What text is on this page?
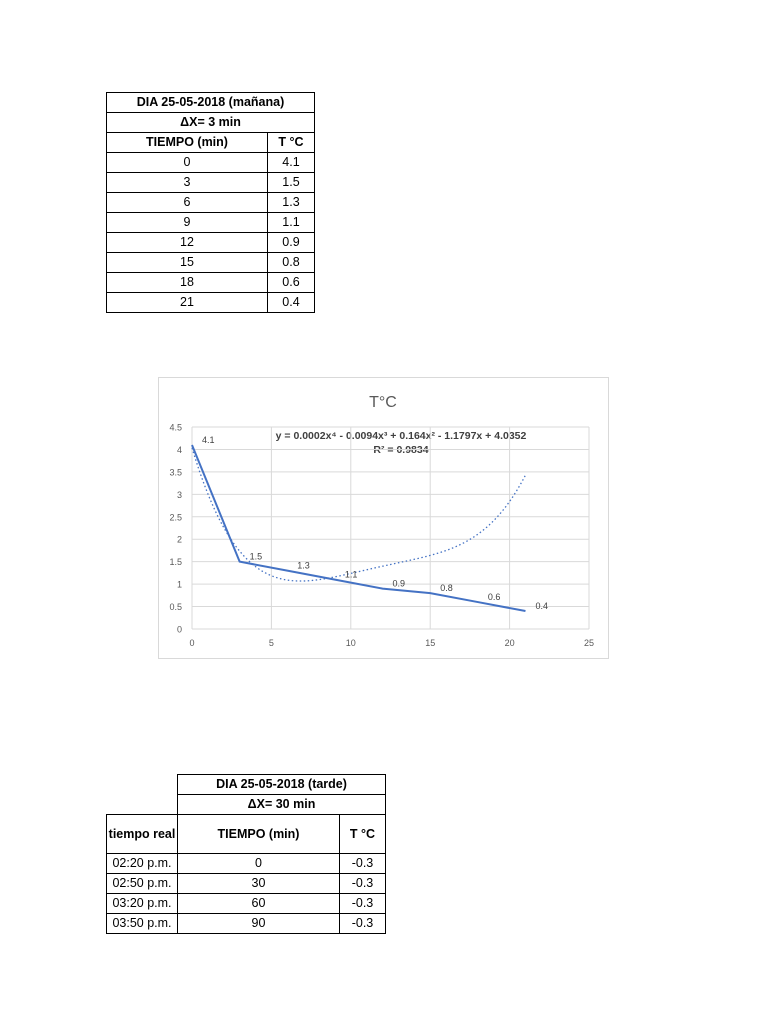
DIA 25-05-2018 (mañana)	
ΔX= 3 min	
TIEMPO (min)	T °C
0	4.1
3	1.5
6	1.3
9	1.1
12	0.9
15	0.8
18	0.6
21	0.4
T°C
y = 0.0002x⁴ - 0.0094x³ + 0.164x² - 1.1797x + 4.0352
R² = 0.9834
0
0.5
1
1.5
2
2.5
3
3.5
4
4.5
0	5	10	15	20	25
4.1
1.5
1.3
1.1
0.9	0.8
0.6
0.4
	DIA 25-05-2018 (tarde)	
	ΔX= 30 min	
tiempo real	TIEMPO (min)	T °C
02:20 p.m.	0	-0.3
02:50 p.m.	30	-0.3
03:20 p.m.	60	-0.3
03:50 p.m.	90	-0.3
